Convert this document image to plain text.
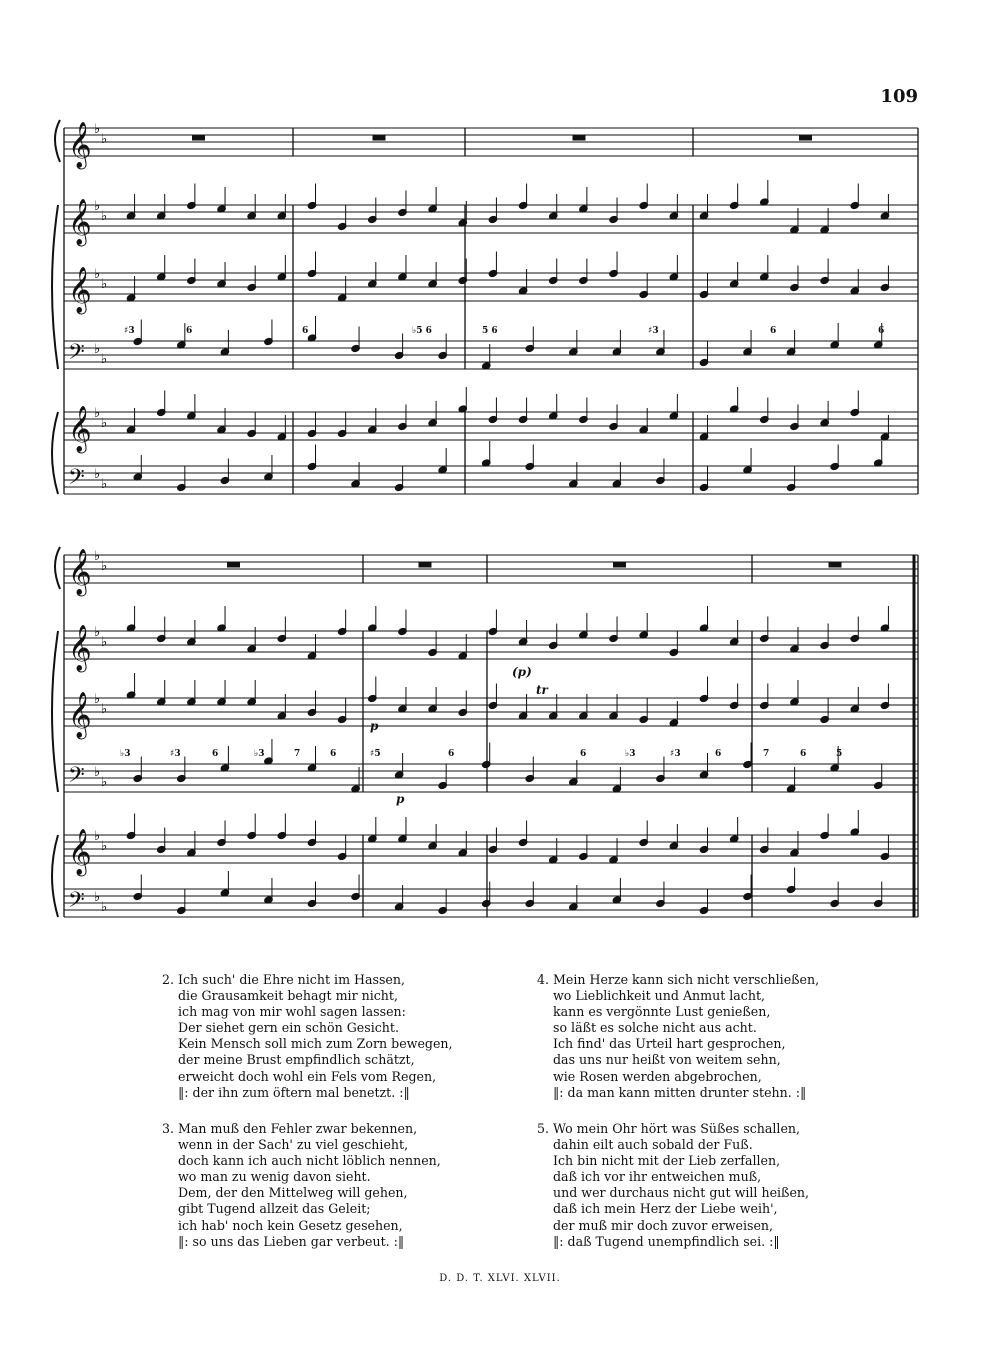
109
𝄞 ♭
♭
𝄞 ♭
♭
𝄞 ♭
♭
𝄢 ♭
♭
𝄞 ♭
♭
𝄢 ♭
♭
𝄞 ♭
♭
𝄞 ♭
♭
𝄞 ♭
♭
𝄢 ♭
♭
𝄞 ♭
♭
𝄢 ♭
♭
♯3	6	6	♭5 6	5 6	♯3	6	6
♭3	♯3	6	♭3	7	6	♯5	6	6	♭3	♯3	6	7	6	5
(p)
p
p
tr
2. Ich such' die Ehre nicht im Hassen,
die Grausamkeit behagt mir nicht,
ich mag von mir wohl sagen lassen:
Der siehet gern ein schön Gesicht.
Kein Mensch soll mich zum Zorn bewegen,
der meine Brust empfindlich schätzt,
erweicht doch wohl ein Fels vom Regen,
‖: der ihn zum öftern mal benetzt. :‖
3. Man muß den Fehler zwar bekennen,
wenn in der Sach' zu viel geschieht,
doch kann ich auch nicht löblich nennen,
wo man zu wenig davon sieht.
Dem, der den Mittelweg will gehen,
gibt Tugend allzeit das Geleit;
ich hab' noch kein Gesetz gesehen,
‖: so uns das Lieben gar verbeut. :‖
4. Mein Herze kann sich nicht verschließen,
wo Lieblichkeit und Anmut lacht,
kann es vergönnte Lust genießen,
so läßt es solche nicht aus acht.
Ich find' das Urteil hart gesprochen,
das uns nur heißt von weitem sehn,
wie Rosen werden abgebrochen,
‖: da man kann mitten drunter stehn. :‖
5. Wo mein Ohr hört was Süßes schallen,
dahin eilt auch sobald der Fuß.
Ich bin nicht mit der Lieb zerfallen,
daß ich vor ihr entweichen muß,
und wer durchaus nicht gut will heißen,
daß ich mein Herz der Liebe weih',
der muß mir doch zuvor erweisen,
‖: daß Tugend unempfindlich sei. :‖
D. D. T. XLVI. XLVII.
